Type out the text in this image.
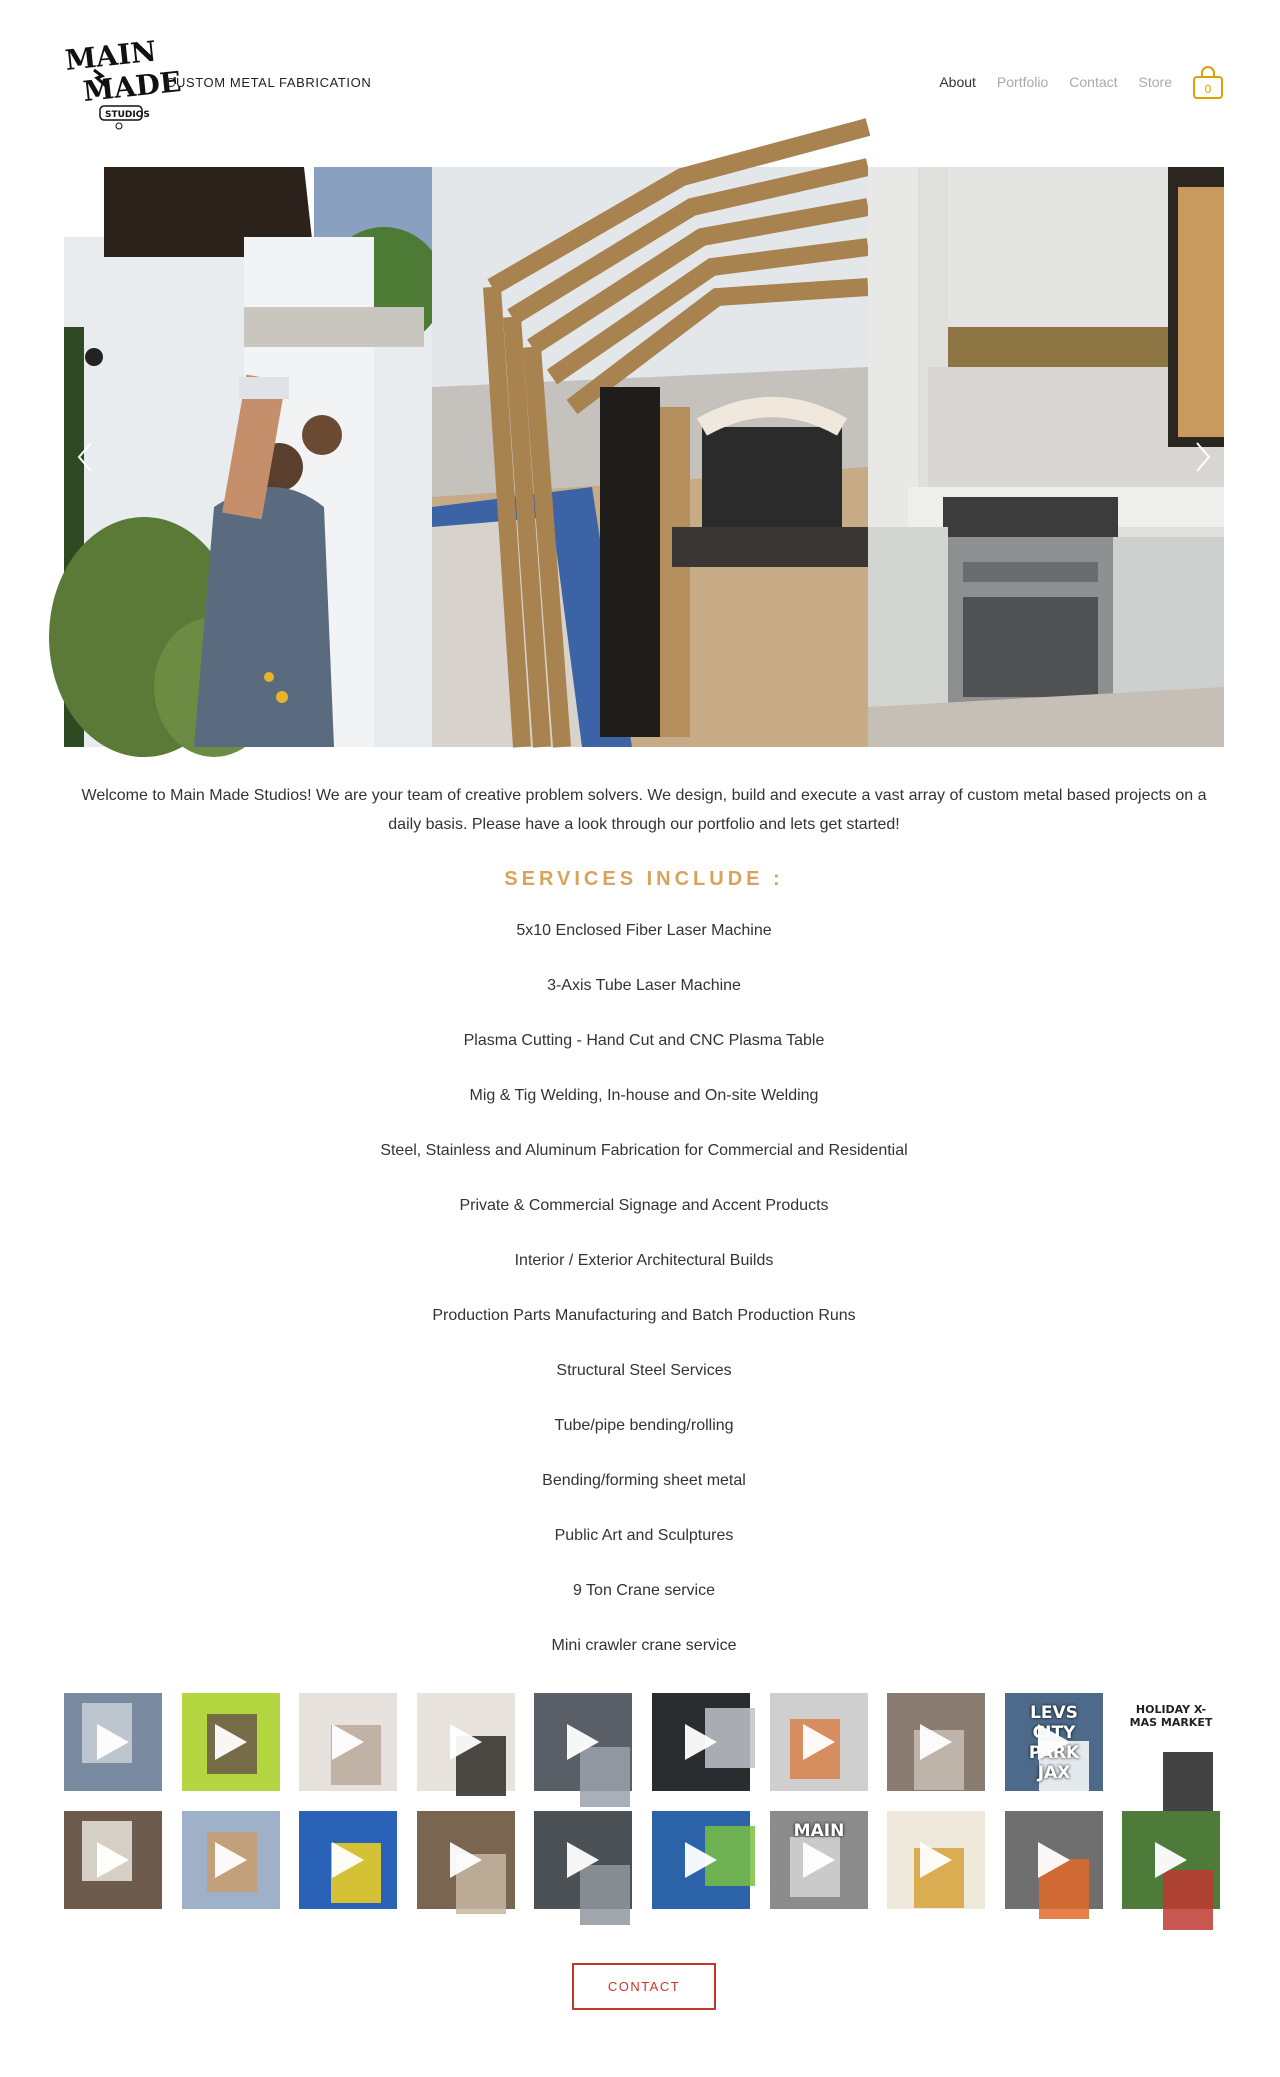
MAIN
MADE
STUDIOS
CUSTOM METAL FABRICATION	About Portfolio Contact Store	0

Welcome to Main Made Studios! We are your team of creative problem solvers. We design, build and execute a vast array of custom metal based projects on a daily basis. Please have a look through our portfolio and lets get started!

SERVICES INCLUDE :
5x10 Enclosed Fiber Laser Machine
3-Axis Tube Laser Machine
Plasma Cutting - Hand Cut and CNC Plasma Table
Mig & Tig Welding, In-house and On-site Welding
Steel, Stainless and Aluminum Fabrication for Commercial and Residential
Private & Commercial Signage and Accent Products
Interior / Exterior Architectural Builds
Production Parts Manufacturing and Batch Production Runs
Structural Steel Services
Tube/pipe bending/rolling
Bending/forming sheet metal
Public Art and Sculptures
9 Ton Crane service
Mini crawler crane service
LEVS CITY PARK JAX
HOLIDAY X-MAS MARKET
MAIN
CONTACT
